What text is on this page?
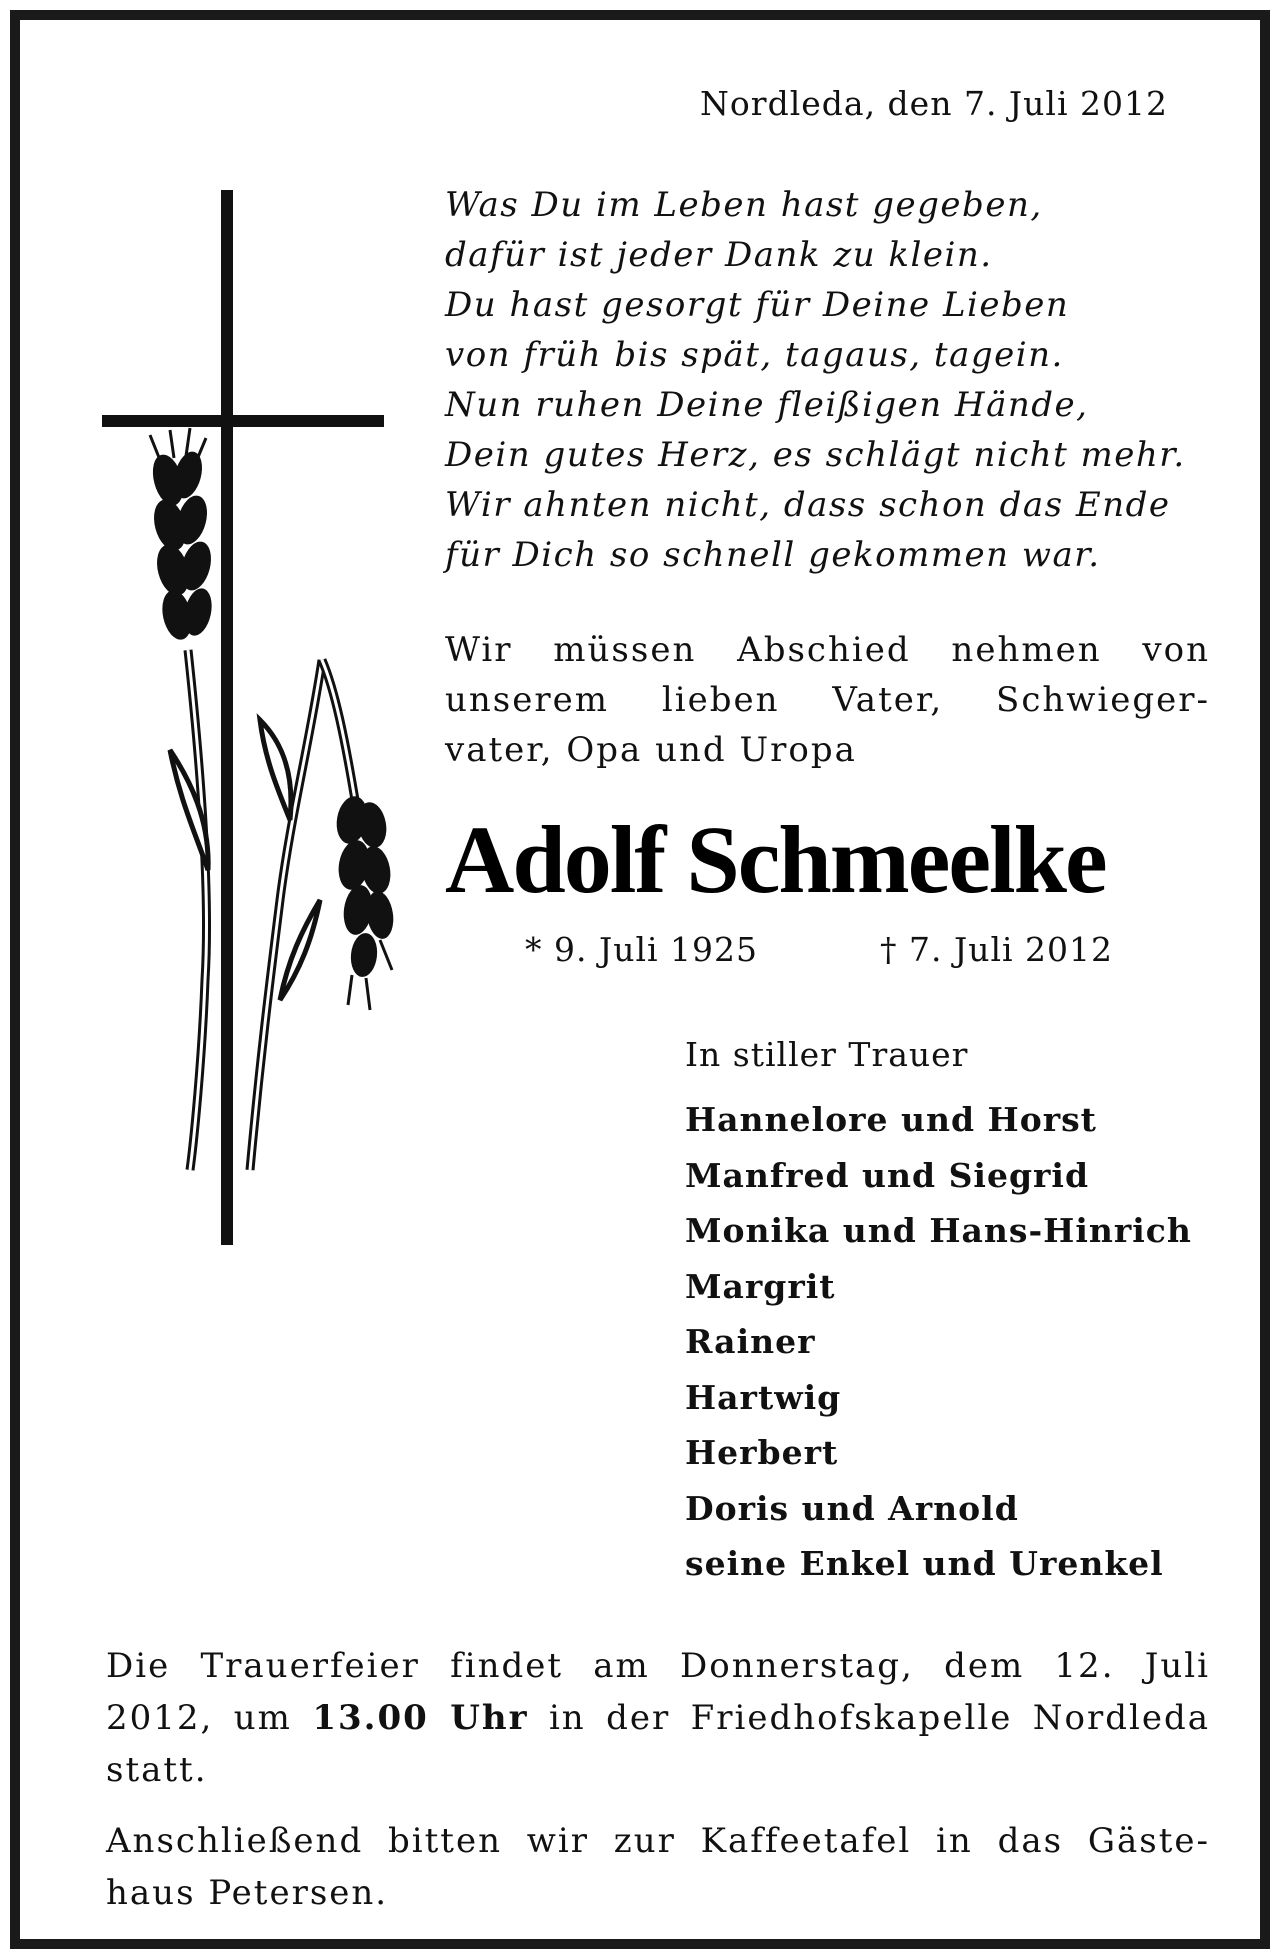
Nordleda, den 7. Juli 2012
Was Du im Leben hast gegeben,
dafür ist jeder Dank zu klein.
Du hast gesorgt für Deine Lieben
von früh bis spät, tagaus, tagein.
Nun ruhen Deine fleißigen Hände,
Dein gutes Herz, es schlägt nicht mehr.
Wir ahnten nicht, dass schon das Ende
für Dich so schnell gekommen war.
Wir müssen Abschied nehmen von
unserem lieben Vater, Schwieger-
vater, Opa und Uropa
Adolf Schmeelke
* 9. Juli 1925	† 7. Juli 2012
In stiller Trauer
Hannelore und Horst
Manfred und Siegrid
Monika und Hans-Hinrich
Margrit
Rainer
Hartwig
Herbert
Doris und Arnold
seine Enkel und Urenkel
Die Trauerfeier findet am Donnerstag, dem 12. Juli
2012, um 13.00 Uhr in der Friedhofskapelle Nordleda
statt.
Anschließend bitten wir zur Kaffeetafel in das Gäste-
haus Petersen.
